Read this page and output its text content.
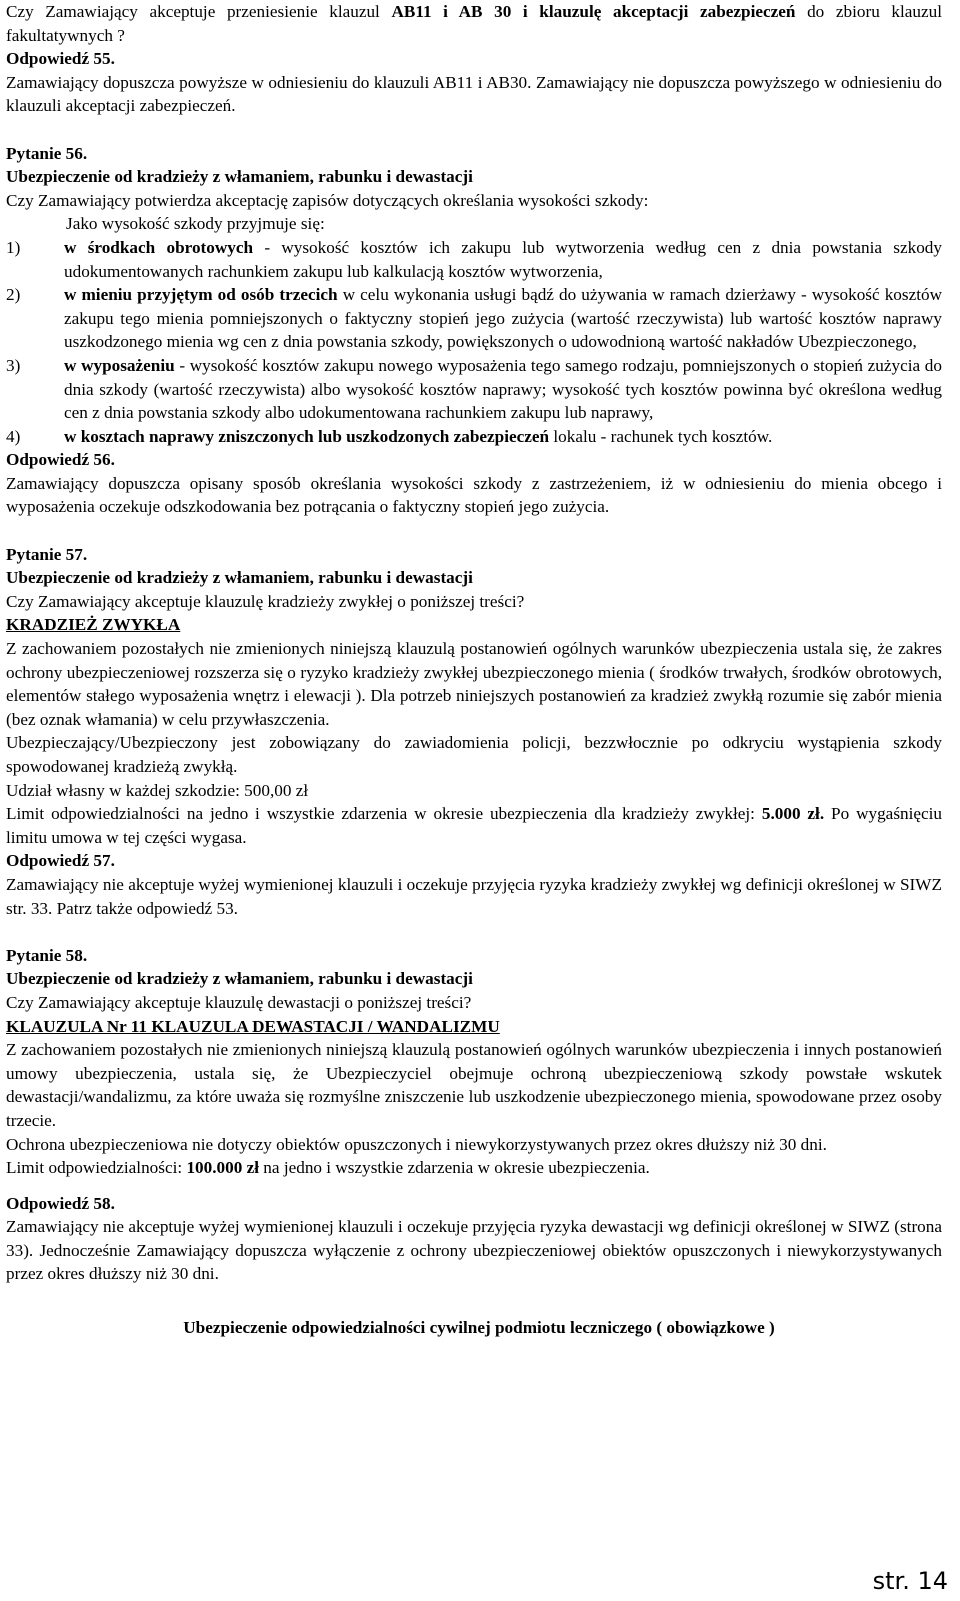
Czy Zamawiający akceptuje przeniesienie klauzul AB11 i AB 30 i klauzulę akceptacji zabezpieczeń do zbioru klauzul fakultatywnych ?

Odpowiedź 55.

Zamawiający dopuszcza powyższe w odniesieniu do klauzuli AB11 i AB30. Zamawiający nie dopuszcza powyższego w odniesieniu do klauzuli akceptacji zabezpieczeń.

Pytanie 56.

Ubezpieczenie od kradzieży z włamaniem, rabunku i dewastacji

Czy Zamawiający potwierdza akceptację zapisów dotyczących określania wysokości szkody:

Jako wysokość szkody przyjmuje się:

1)	w środkach obrotowych - wysokość kosztów ich zakupu lub wytworzenia według cen z dnia powstania szkody udokumentowanych rachunkiem zakupu lub kalkulacją kosztów wytworzenia,
2)	w mieniu przyjętym od osób trzecich w celu wykonania usługi bądź do używania w ramach dzierżawy - wysokość kosztów zakupu tego mienia pomniejszonych o faktyczny stopień jego zużycia (wartość rzeczywista) lub wartość kosztów naprawy uszkodzonego mienia wg cen z dnia powstania szkody, powiększonych o udowodnioną wartość nakładów Ubezpieczonego,
3)	w wyposażeniu - wysokość kosztów zakupu nowego wyposażenia tego samego rodzaju, pomniejszonych o stopień zużycia do dnia szkody (wartość rzeczywista) albo wysokość kosztów naprawy; wysokość tych kosztów powinna być określona według cen z dnia powstania szkody albo udokumentowana rachunkiem zakupu lub naprawy,
4)	w kosztach naprawy zniszczonych lub uszkodzonych zabezpieczeń lokalu - rachunek tych kosztów.

Odpowiedź 56.

Zamawiający dopuszcza opisany sposób określania wysokości szkody z zastrzeżeniem, iż w odniesieniu do mienia obcego i wyposażenia oczekuje odszkodowania bez potrącania o faktyczny stopień jego zużycia.

Pytanie 57.

Ubezpieczenie od kradzieży z włamaniem, rabunku i dewastacji

Czy Zamawiający akceptuje klauzulę kradzieży zwykłej o poniższej treści?

KRADZIEŻ ZWYKŁA

Z zachowaniem pozostałych nie zmienionych niniejszą klauzulą postanowień ogólnych warunków ubezpieczenia ustala się, że zakres ochrony ubezpieczeniowej rozszerza się o ryzyko kradzieży zwykłej ubezpieczonego mienia ( środków trwałych, środków obrotowych, elementów stałego wyposażenia wnętrz i elewacji ). Dla potrzeb niniejszych postanowień za kradzież zwykłą rozumie się zabór mienia (bez oznak włamania) w celu przywłaszczenia.

Ubezpieczający/Ubezpieczony jest zobowiązany do zawiadomienia policji, bezzwłocznie po odkryciu wystąpienia szkody spowodowanej kradzieżą zwykłą.

Udział własny w każdej szkodzie: 500,00 zł

Limit odpowiedzialności na jedno i wszystkie zdarzenia w okresie ubezpieczenia dla kradzieży zwykłej: 5.000 zł. Po wygaśnięciu limitu umowa w tej części wygasa.

Odpowiedź 57.

Zamawiający nie akceptuje wyżej wymienionej klauzuli i oczekuje przyjęcia ryzyka kradzieży zwykłej wg definicji określonej w SIWZ str. 33. Patrz także odpowiedź 53.

Pytanie 58.

Ubezpieczenie od kradzieży z włamaniem, rabunku i dewastacji

Czy Zamawiający akceptuje klauzulę dewastacji o poniższej treści?

KLAUZULA Nr 11 KLAUZULA DEWASTACJI / WANDALIZMU

Z zachowaniem pozostałych nie zmienionych niniejszą klauzulą postanowień ogólnych warunków ubezpieczenia i innych postanowień umowy ubezpieczenia, ustala się, że Ubezpieczyciel obejmuje ochroną ubezpieczeniową szkody powstałe wskutek dewastacji/wandalizmu, za które uważa się rozmyślne zniszczenie lub uszkodzenie ubezpieczonego mienia, spowodowane przez osoby trzecie.

Ochrona ubezpieczeniowa nie dotyczy obiektów opuszczonych i niewykorzystywanych przez okres dłuższy niż 30 dni.

Limit odpowiedzialności: 100.000 zł na jedno i wszystkie zdarzenia w okresie ubezpieczenia.

Odpowiedź 58.

Zamawiający nie akceptuje wyżej wymienionej klauzuli i oczekuje przyjęcia ryzyka dewastacji wg definicji określonej w SIWZ (strona 33). Jednocześnie Zamawiający dopuszcza wyłączenie z ochrony ubezpieczeniowej obiektów opuszczonych i niewykorzystywanych przez okres dłuższy niż 30 dni.

Ubezpieczenie odpowiedzialności cywilnej podmiotu leczniczego ( obowiązkowe )

str. 14
